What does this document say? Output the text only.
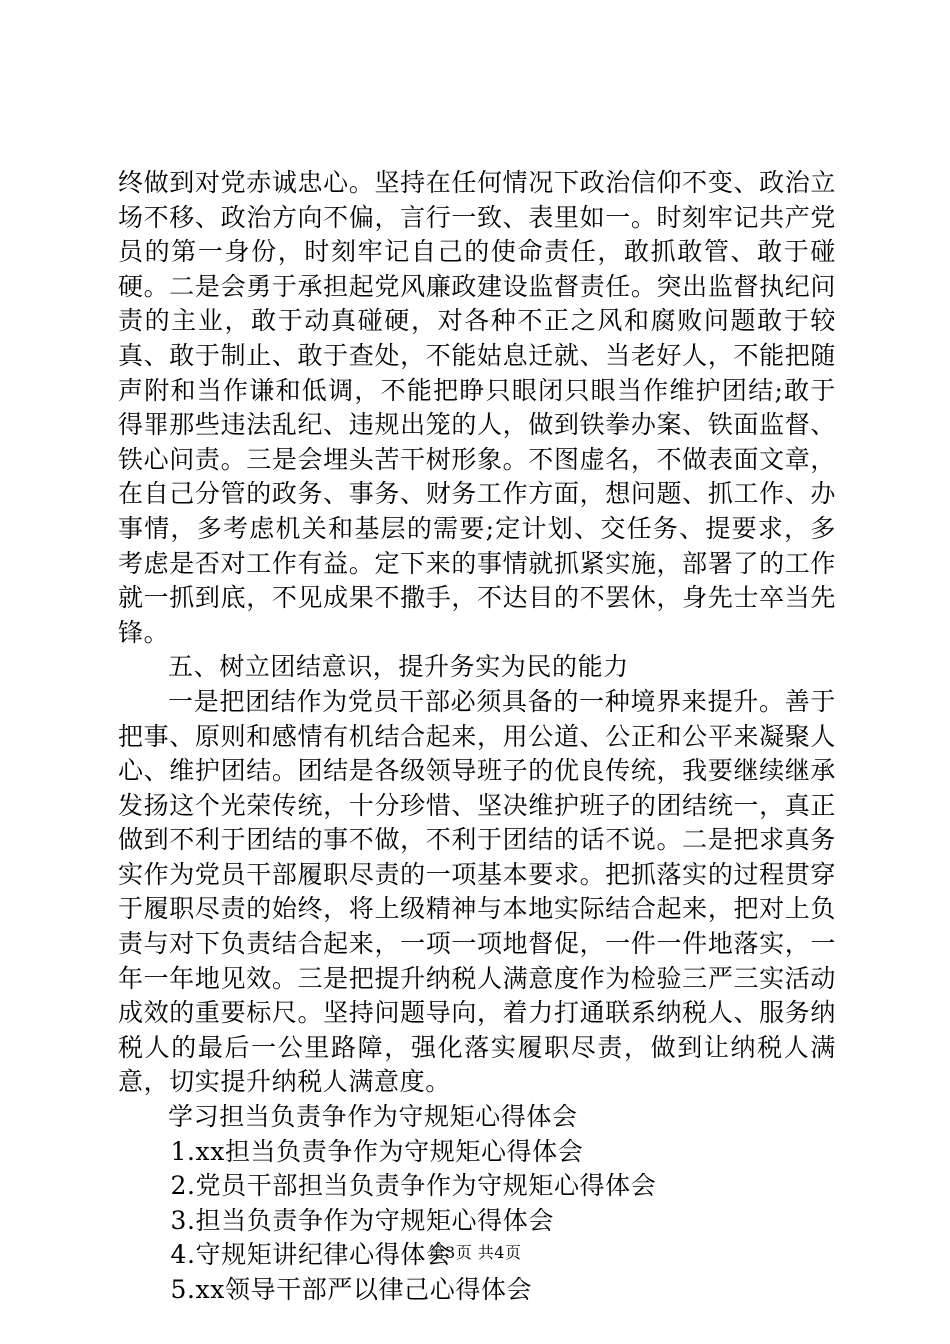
终做到对党赤诚忠心。坚持在任何情况下政治信仰不变、政治立场不移、政治方向不偏，言行一致、表里如一。时刻牢记共产党员的第一身份，时刻牢记自己的使命责任，敢抓敢管、敢于碰硬。二是会勇于承担起党风廉政建设监督责任。突出监督执纪问责的主业，敢于动真碰硬，对各种不正之风和腐败问题敢于较真、敢于制止、敢于查处，不能姑息迁就、当老好人，不能把随声附和当作谦和低调，不能把睁只眼闭只眼当作维护团结;敢于得罪那些违法乱纪、违规出笼的人，做到铁拳办案、铁面监督、铁心问责。三是会埋头苦干树形象。不图虚名，不做表面文章，在自己分管的政务、事务、财务工作方面，想问题、抓工作、办事情，多考虑机关和基层的需要;定计划、交任务、提要求，多考虑是否对工作有益。定下来的事情就抓紧实施，部署了的工作就一抓到底，不见成果不撒手，不达目的不罢休，身先士卒当先锋。

五、树立团结意识，提升务实为民的能力

一是把团结作为党员干部必须具备的一种境界来提升。善于把事、原则和感情有机结合起来，用公道、公正和公平来凝聚人心、维护团结。团结是各级领导班子的优良传统，我要继续继承发扬这个光荣传统，十分珍惜、坚决维护班子的团结统一，真正做到不利于团结的事不做，不利于团结的话不说。二是把求真务实作为党员干部履职尽责的一项基本要求。把抓落实的过程贯穿于履职尽责的始终，将上级精神与本地实际结合起来，把对上负责与对下负责结合起来，一项一项地督促，一件一件地落实，一年一年地见效。三是把提升纳税人满意度作为检验三严三实活动成效的重要标尺。坚持问题导向，着力打通联系纳税人、服务纳税人的最后一公里路障，强化落实履职尽责，做到让纳税人满意，切实提升纳税人满意度。

学习担当负责争作为守规矩心得体会

1.xx担当负责争作为守规矩心得体会

2.党员干部担当负责争作为守规矩心得体会

3.担当负责争作为守规矩心得体会

4.守规矩讲纪律心得体会

5.xx领导干部严以律己心得体会

第3页 共4页
